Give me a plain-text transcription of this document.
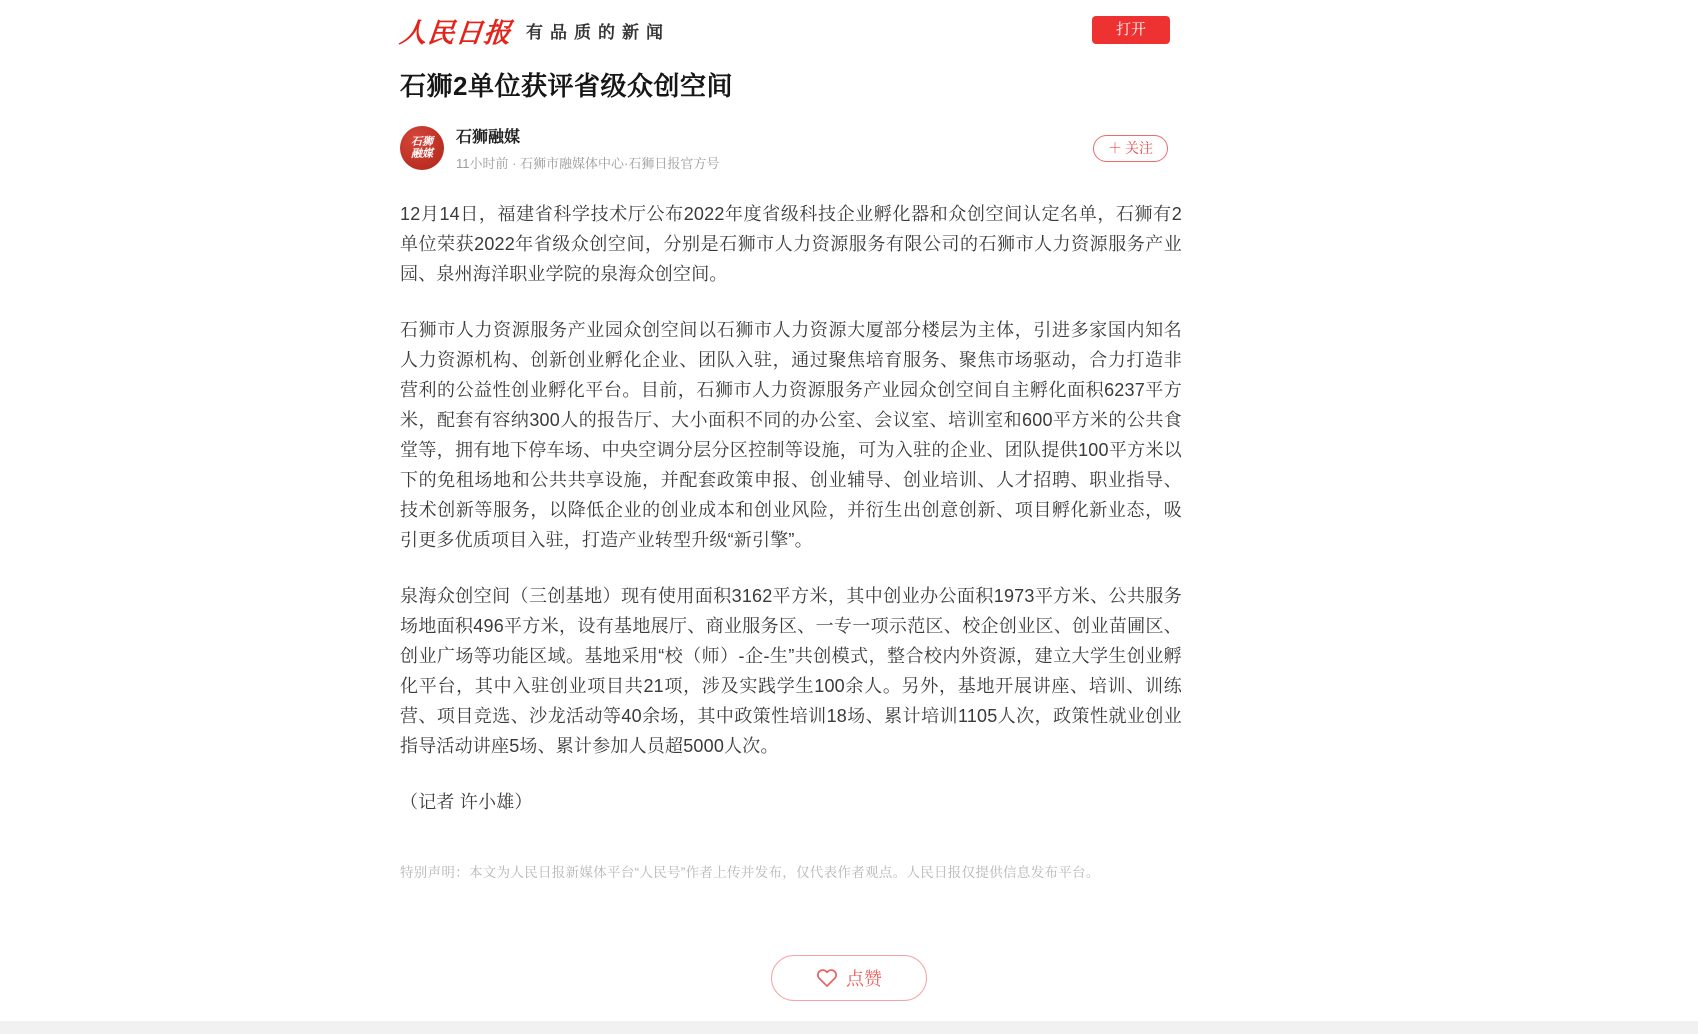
人民日报 有品质的新闻	打开
石狮2单位获评省级众创空间
石狮
融媒
石狮融媒
11小时前 · 石狮市融媒体中心·石狮日报官方号
＋ 关注

12月14日，福建省科学技术厅公布2022年度省级科技企业孵化器和众创空间认定名单，石狮有2单位荣获2022年省级众创空间，分别是石狮市人力资源服务有限公司的石狮市人力资源服务产业园、泉州海洋职业学院的泉海众创空间。

石狮市人力资源服务产业园众创空间以石狮市人力资源大厦部分楼层为主体，引进多家国内知名人力资源机构、创新创业孵化企业、团队入驻，通过聚焦培育服务、聚焦市场驱动，合力打造非营利的公益性创业孵化平台。目前，石狮市人力资源服务产业园众创空间自主孵化面积6237平方米，配套有容纳300人的报告厅、大小面积不同的办公室、会议室、培训室和600平方米的公共食堂等，拥有地下停车场、中央空调分层分区控制等设施，可为入驻的企业、团队提供100平方米以下的免租场地和公共共享设施，并配套政策申报、创业辅导、创业培训、人才招聘、职业指导、技术创新等服务，以降低企业的创业成本和创业风险，并衍生出创意创新、项目孵化新业态，吸引更多优质项目入驻，打造产业转型升级“新引擎”。

泉海众创空间（三创基地）现有使用面积3162平方米，其中创业办公面积1973平方米、公共服务场地面积496平方米，设有基地展厅、商业服务区、一专一项示范区、校企创业区、创业苗圃区、创业广场等功能区域。基地采用“校（师）-企-生”共创模式，整合校内外资源，建立大学生创业孵化平台，其中入驻创业项目共21项，涉及实践学生100余人。另外，基地开展讲座、培训、训练营、项目竞选、沙龙活动等40余场，其中政策性培训18场、累计培训1105人次，政策性就业创业指导活动讲座5场、累计参加人员超5000人次。

（记者 许小雄）

特别声明：本文为人民日报新媒体平台“人民号”作者上传并发布，仅代表作者观点。人民日报仅提供信息发布平台。
点赞
